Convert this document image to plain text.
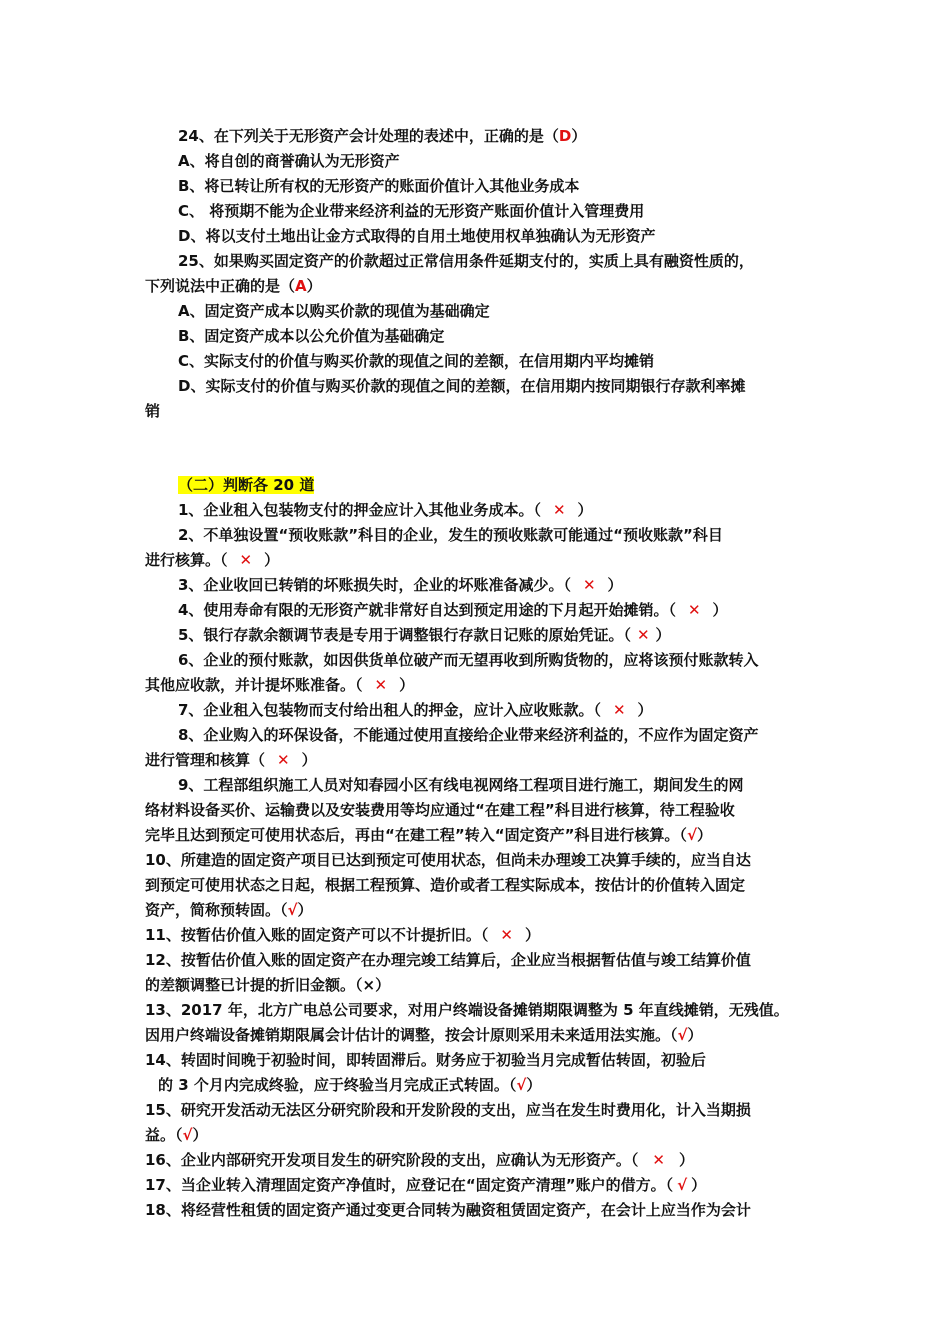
24、在下列关于无形资产会计处理的表述中，正确的是（D）
A、将自创的商誉确认为无形资产
B、将已转让所有权的无形资产的账面价值计入其他业务成本
C、 将预期不能为企业带来经济利益的无形资产账面价值计入管理费用
D、将以支付土地出让金方式取得的自用土地使用权单独确认为无形资产
25、如果购买固定资产的价款超过正常信用条件延期支付的，实质上具有融资性质的，
下列说法中正确的是（A）
A、固定资产成本以购买价款的现值为基础确定
B、固定资产成本以公允价值为基础确定
C、实际支付的价值与购买价款的现值之间的差额，在信用期内平均摊销
D、实际支付的价值与购买价款的现值之间的差额，在信用期内按同期银行存款利率摊
销
（二）判断各 20 道
1、企业租入包装物支付的押金应计入其他业务成本。（ ✕ ）
2、不单独设置“预收账款”科目的企业，发生的预收账款可能通过“预收账款”科目
进行核算。（ ✕ ）
3、企业收回已转销的坏账损失时，企业的坏账准备减少。（ ✕ ）
4、使用寿命有限的无形资产就非常好自达到预定用途的下月起开始摊销。（ ✕ ）
5、银行存款余额调节表是专用于调整银行存款日记账的原始凭证。（ ✕ ）
6、企业的预付账款，如因供货单位破产而无望再收到所购货物的，应将该预付账款转入
其他应收款，并计提坏账准备。（ ✕ ）
7、企业租入包装物而支付给出租人的押金，应计入应收账款。（ ✕ ）
8、企业购入的环保设备，不能通过使用直接给企业带来经济利益的，不应作为固定资产
进行管理和核算（ ✕ ）
9、工程部组织施工人员对知春园小区有线电视网络工程项目进行施工，期间发生的网
络材料设备买价、运输费以及安装费用等均应通过“在建工程”科目进行核算，待工程验收
完毕且达到预定可使用状态后，再由“在建工程”转入“固定资产”科目进行核算。（√）
10、所建造的固定资产项目已达到预定可使用状态，但尚未办理竣工决算手续的，应当自达
到预定可使用状态之日起，根据工程预算、造价或者工程实际成本，按估计的价值转入固定
资产，简称预转固。（√）
11、按暂估价值入账的固定资产可以不计提折旧。（ ✕ ）
12、按暂估价值入账的固定资产在办理完竣工结算后，企业应当根据暂估值与竣工结算价值
的差额调整已计提的折旧金额。（×）
13、2017 年，北方广电总公司要求，对用户终端设备摊销期限调整为 5 年直线摊销，无残值。
因用户终端设备摊销期限属会计估计的调整，按会计原则采用未来适用法实施。（√）
14、转固时间晚于初验时间，即转固滞后。财务应于初验当月完成暂估转固，初验后
的 3 个月内完成终验，应于终验当月完成正式转固。（√）
15、研究开发活动无法区分研究阶段和开发阶段的支出，应当在发生时费用化，计入当期损
益。（√）
16、企业内部研究开发项目发生的研究阶段的支出，应确认为无形资产。（ ✕ ）
17、当企业转入清理固定资产净值时，应登记在“固定资产清理”账户的借方。（ √ ）
18、将经营性租赁的固定资产通过变更合同转为融资租赁固定资产，在会计上应当作为会计
